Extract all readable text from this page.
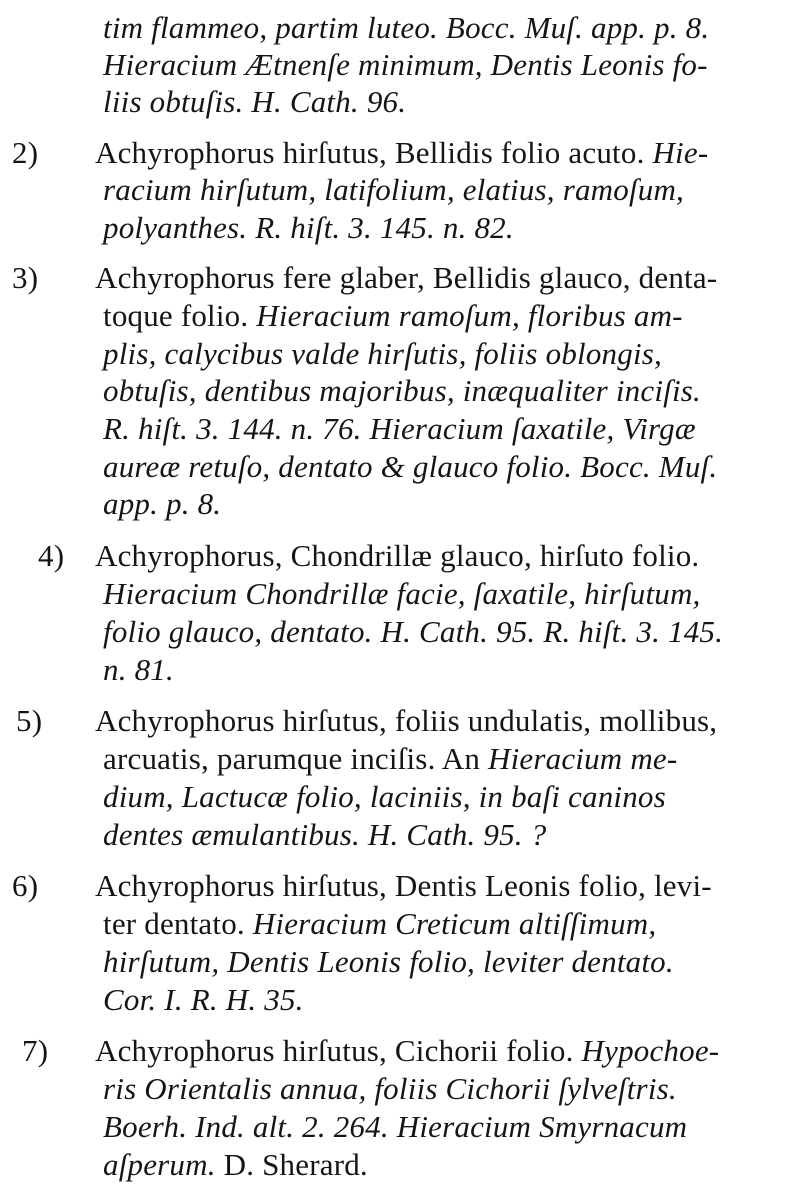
tim flammeo, partim luteo. Bocc. Muſ. app. p. 8.
Hieracium Ætnenſe minimum, Dentis Leonis fo-
liis obtuſis. H. Cath. 96.
2)Achyrophorus hirſutus, Bellidis folio acuto. Hie-
racium hirſutum, latifolium, elatius, ramoſum,
polyanthes. R. hiſt. 3. 145. n. 82.
3)Achyrophorus fere glaber, Bellidis glauco, denta-
toque folio. Hieracium ramoſum, floribus am-
plis, calycibus valde hirſutis, foliis oblongis,
obtuſis, dentibus majoribus, inæqualiter inciſis.
R. hiſt. 3. 144. n. 76. Hieracium ſaxatile, Virgæ
aureæ retuſo, dentato & glauco folio. Bocc. Muſ.
app. p. 8.
4)Achyrophorus, Chondrillæ glauco, hirſuto folio.
Hieracium Chondrillæ facie, ſaxatile, hirſutum,
folio glauco, dentato. H. Cath. 95. R. hiſt. 3. 145.
n. 81.
5)Achyrophorus hirſutus, foliis undulatis, mollibus,
arcuatis, parumque inciſis. An Hieracium me-
dium, Lactucæ folio, laciniis, in baſi caninos
dentes æmulantibus. H. Cath. 95. ?
6)Achyrophorus hirſutus, Dentis Leonis folio, levi-
ter dentato. Hieracium Creticum altiſſimum,
hirſutum, Dentis Leonis folio, leviter dentato.
Cor. I. R. H. 35.
7)Achyrophorus hirſutus, Cichorii folio. Hypochoe-
ris Orientalis annua, foliis Cichorii ſylveſtris.
Boerh. Ind. alt. 2. 264. Hieracium Smyrnacum
aſperum. D. Sherard.
